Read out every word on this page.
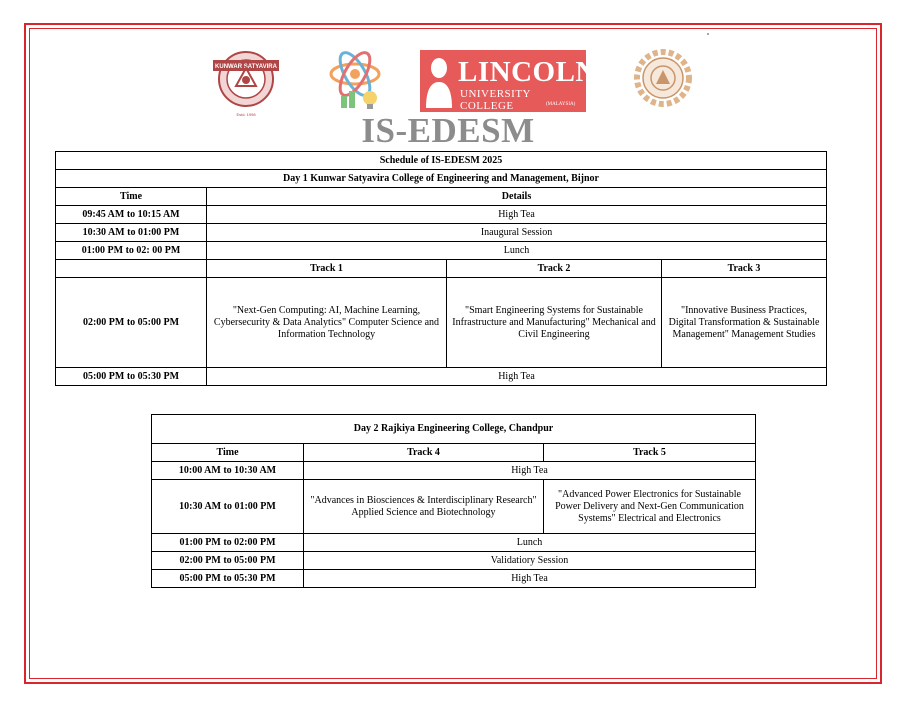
KUNWAR SATYAVIRA
Estd. 1998
LINCOLN
UNIVERSITY COLLEGE	(MALAYSIA)
IS-EDESM
Schedule of IS-EDESM 2025			
Day 1 Kunwar Satyavira College of Engineering and Management, Bijnor			
Time	Details		
09:45 AM to 10:15 AM	High Tea		
10:30 AM to 01:00 PM	Inaugural Session		
01:00 PM to 02: 00 PM	Lunch		
	Track 1	Track 2	Track 3
02:00 PM to 05:00 PM	"Next-Gen Computing: AI, Machine Learning, Cybersecurity & Data Analytics" Computer Science and Information Technology	"Smart Engineering Systems for Sustainable Infrastructure and Manufacturing" Mechanical and Civil Engineering	"Innovative Business Practices, Digital Transformation & Sustainable Management" Management Studies
05:00 PM to 05:30 PM	High Tea		
Day 2 Rajkiya Engineering College, Chandpur		
Time	Track 4	Track 5
10:00 AM to 10:30 AM	High Tea	
10:30 AM to 01:00 PM	"Advances in Biosciences & Interdisciplinary Research" Applied Science and Biotechnology	"Advanced Power Electronics for Sustainable Power Delivery and Next-Gen Communication Systems" Electrical and Electronics
01:00 PM to 02:00 PM	Lunch	
02:00 PM to 05:00 PM	Validatiory Session	
05:00 PM to 05:30 PM	High Tea	
